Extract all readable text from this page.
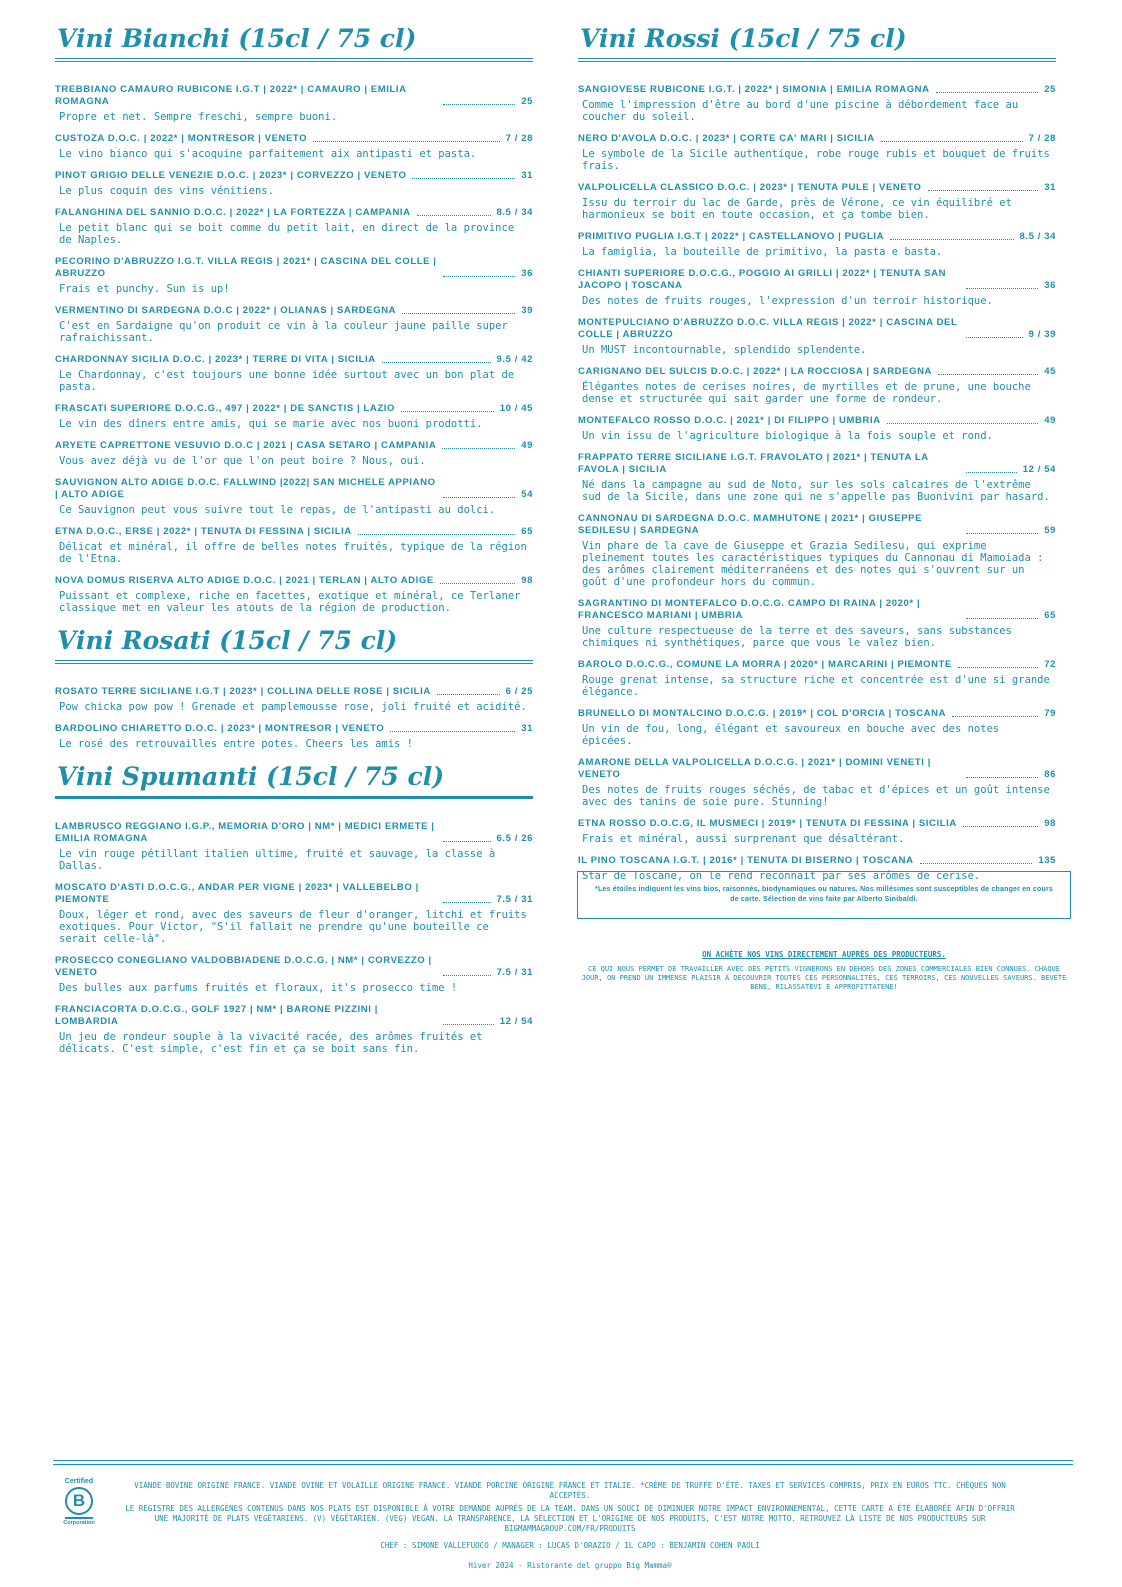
Vini Bianchi (15cl / 75 cl)
TREBBIANO CAMAURO RUBICONE I.G.T | 2022* | CAMAURO | EMILIA ROMAGNA	25
Propre et net. Sempre freschi, sempre buoni.
CUSTOZA D.O.C. | 2022* | MONTRESOR | VENETO	7 / 28
Le vino bianco qui s'acoquine parfaitement aix antipasti et pasta.
PINOT GRIGIO DELLE VENEZIE D.O.C. | 2023* | CORVEZZO | VENETO	31
Le plus coquin des vins vénitiens.
FALANGHINA DEL SANNIO D.O.C. | 2022* | LA FORTEZZA | CAMPANIA	8.5 / 34
Le petit blanc qui se boit comme du petit lait, en direct de la province de Naples.
PECORINO D'ABRUZZO I.G.T. VILLA REGIS | 2021* | CASCINA DEL COLLE | ABRUZZO	36
Frais et punchy. Sun is up!
VERMENTINO DI SARDEGNA D.O.C | 2022* | OLIANAS | SARDEGNA	39
C'est en Sardaigne qu'on produit ce vin à la couleur jaune paille super rafraichissant.
CHARDONNAY SICILIA D.O.C. | 2023* | TERRE DI VITA | SICILIA	9.5 / 42
Le Chardonnay, c'est toujours une bonne idée surtout avec un bon plat de pasta.
FRASCATI SUPERIORE D.O.C.G., 497 | 2022* | DE SANCTIS | LAZIO	10 / 45
Le vin des dîners entre amis, qui se marie avec nos buoni prodotti.
ARYETE CAPRETTONE VESUVIO D.O.C | 2021 | CASA SETARO | CAMPANIA	49
Vous avez déjà vu de l'or que l'on peut boire ? Nous, oui.
SAUVIGNON ALTO ADIGE D.O.C. FALLWIND |2022| SAN MICHELE APPIANO | ALTO ADIGE	54
Ce Sauvignon peut vous suivre tout le repas, de l'antipasti au dolci.
ETNA D.O.C., ERSE | 2022* | TENUTA DI FESSINA | SICILIA	65
Délicat et minéral, il offre de belles notes fruités, typique de la région de l'Etna.
NOVA DOMUS RISERVA ALTO ADIGE D.O.C. | 2021 | TERLAN | ALTO ADIGE	98
Puissant et complexe, riche en facettes, exotique et minéral, ce Terlaner classique met en valeur les atouts de la région de production.
Vini Rosati (15cl / 75 cl)
ROSATO TERRE SICILIANE I.G.T | 2023* | COLLINA DELLE ROSE | SICILIA	6 / 25
Pow chicka pow pow ! Grenade et pamplemousse rose, joli fruité et acidité.
BARDOLINO CHIARETTO D.O.C. | 2023* | MONTRESOR | VENETO	31
Le rosé des retrouvailles entre potes. Cheers les amis !
Vini Spumanti (15cl / 75 cl)
LAMBRUSCO REGGIANO I.G.P., MEMORIA D'ORO | NM* | MEDICI ERMETE | EMILIA ROMAGNA	6.5 / 26
Le vin rouge pétillant italien ultime, fruité et sauvage, la classe à Dallas.
MOSCATO D'ASTI D.O.C.G., ANDAR PER VIGNE | 2023* | VALLEBELBO | PIEMONTE	7.5 / 31
Doux, léger et rond, avec des saveurs de fleur d'oranger, litchi et fruits exotiques. Pour Victor, "S'il fallait ne prendre qu'une bouteille ce serait celle-là".
PROSECCO CONEGLIANO VALDOBBIADENE D.O.C.G. | NM* | CORVEZZO | VENETO	7.5 / 31
Des bulles aux parfums fruités et floraux, it's prosecco time !
FRANCIACORTA D.O.C.G., GOLF 1927 | NM* | BARONE PIZZINI | LOMBARDIA	12 / 54
Un jeu de rondeur souple à la vivacité racée, des arômes fruités et délicats. C'est simple, c'est fin et ça se boit sans fin.
Vini Rossi (15cl / 75 cl)
SANGIOVESE RUBICONE I.G.T. | 2022* | SIMONIA | EMILIA ROMAGNA	25
Comme l'impression d'être au bord d'une piscine à débordement face au coucher du soleil.
NERO D'AVOLA D.O.C. | 2023* | CORTE CA' MARI | SICILIA	7 / 28
Le symbole de la Sicile authentique, robe rouge rubis et bouquet de fruits frais.
VALPOLICELLA CLASSICO D.O.C. | 2023* | TENUTA PULE | VENETO	31
Issu du terroir du lac de Garde, près de Vérone, ce vin équilibré et harmonieux se boit en toute occasion, et ça tombe bien.
PRIMITIVO PUGLIA I.G.T | 2022* | CASTELLANOVO | PUGLIA	8.5 / 34
La famiglia, la bouteille de primitivo, la pasta e basta.
CHIANTI SUPERIORE D.O.C.G., POGGIO AI GRILLI | 2022* | TENUTA SAN JACOPO | TOSCANA	36
Des notes de fruits rouges, l'expression d'un terroir historique.
MONTEPULCIANO D'ABRUZZO D.O.C. VILLA REGIS | 2022* | CASCINA DEL COLLE | ABRUZZO	9 / 39
Un MUST incontournable, splendido splendente.
CARIGNANO DEL SULCIS D.O.C. | 2022* | LA ROCCIOSA | SARDEGNA	45
Élégantes notes de cerises noires, de myrtilles et de prune, une bouche dense et structurée qui sait garder une forme de rondeur.
MONTEFALCO ROSSO D.O.C. | 2021* | DI FILIPPO | UMBRIA	49
Un vin issu de l'agriculture biologique à la fois souple et rond.
FRAPPATO TERRE SICILIANE I.G.T. FRAVOLATO | 2021* | TENUTA LA FAVOLA | SICILIA	12 / 54
Né dans la campagne au sud de Noto, sur les sols calcaires de l'extrême sud de la Sicile, dans une zone qui ne s'appelle pas Buonivini par hasard.
CANNONAU DI SARDEGNA D.O.C. MAMHUTONE | 2021* | GIUSEPPE SEDILESU | SARDEGNA	59
Vin phare de la cave de Giuseppe et Grazia Sedilesu, qui exprime pleinement toutes les caractéristiques typiques du Cannonau di Mamoiada : des arômes clairement méditerranéens et des notes qui s'ouvrent sur un goût d'une profondeur hors du commun.
SAGRANTINO DI MONTEFALCO D.O.C.G. CAMPO DI RAINA | 2020* | FRANCESCO MARIANI | UMBRIA	65
Une culture respectueuse de la terre et des saveurs, sans substances chimiques ni synthétiques, parce que vous le valez bien.
BAROLO D.O.C.G., COMUNE LA MORRA | 2020* | MARCARINI | PIEMONTE	72
Rouge grenat intense, sa structure riche et concentrée est d'une si grande élégance.
BRUNELLO DI MONTALCINO D.O.C.G. | 2019* | COL D'ORCIA | TOSCANA	79
Un vin de fou, long, élégant et savoureux en bouche avec des notes épicées.
AMARONE DELLA VALPOLICELLA D.O.C.G. | 2021* | DOMINI VENETI | VENETO	86
Des notes de fruits rouges séchés, de tabac et d'épices et un goût intense avec des tanins de soie pure. Stunning!
ETNA ROSSO D.O.C.G, IL MUSMECI | 2019* | TENUTA DI FESSINA | SICILIA	98
Frais et minéral, aussi surprenant que désaltérant.
IL PINO TOSCANA I.G.T. | 2016* | TENUTA DI BISERNO | TOSCANA	135
Star de Toscane, on le rend reconnait par ses arômes de cerise.
*Les étoiles indiquent les vins bios, raisonnés, biodynamiques ou natures. Nos millésimes sont susceptibles de changer en cours de carte. Sélection de vins faite par Alberto Sinibaldi.
ON ACHÈTE NOS VINS DIRECTEMENT AUPRÈS DES PRODUCTEURS.
CE QUI NOUS PERMET DE TRAVAILLER AVEC DES PETITS VIGNERONS EN DEHORS DES ZONES COMMERCIALES BIEN CONNUES. CHAQUE JOUR, ON PREND UN IMMENSE PLAISIR À DÉCOUVRIR TOUTES CES PERSONNALITÉS, CES TERROIRS, CES NOUVELLES SAVEURS. BEVETE BENE, RILASSATEVI E APPROFITTATENE!
Certified
B
Corporation
VIANDE BOVINE ORIGINE FRANCE. VIANDE OVINE ET VOLAILLE ORIGINE FRANCE. VIANDE PORCINE ORIGINE FRANCE ET ITALIE. *CRÈME DE TRUFFE D'ÉTÉ. TAXES ET SERVICES COMPRIS, PRIX EN EUROS TTC. CHÈQUES NON ACCEPTÉS.
LE REGISTRE DES ALLERGÈNES CONTENUS DANS NOS PLATS EST DISPONIBLE À VOTRE DEMANDE AUPRÈS DE LA TEAM. DANS UN SOUCI DE DIMINUER NOTRE IMPACT ENVIRONNEMENTAL, CETTE CARTE A ÉTÉ ÉLABORÉE AFIN D'OFFRIR UNE MAJORITÉ DE PLATS VÉGÉTARIENS. (V) VÉGÉTARIEN. (VEG) VEGAN. LA TRANSPARENCE, LA SÉLECTION ET L'ORIGINE DE NOS PRODUITS, C'EST NOTRE MOTTO. RETROUVEZ LA LISTE DE NOS PRODUCTEURS SUR BIGMAMMAGROUP.COM/FR/PRODUITS
CHEF : SIMONE VALLEFUOCO / MANAGER : LUCAS D'ORAZIO / IL CAPO : BENJAMIN COHEN PAOLI
Hiver 2024 - Ristorante del gruppo Big Mamma®
